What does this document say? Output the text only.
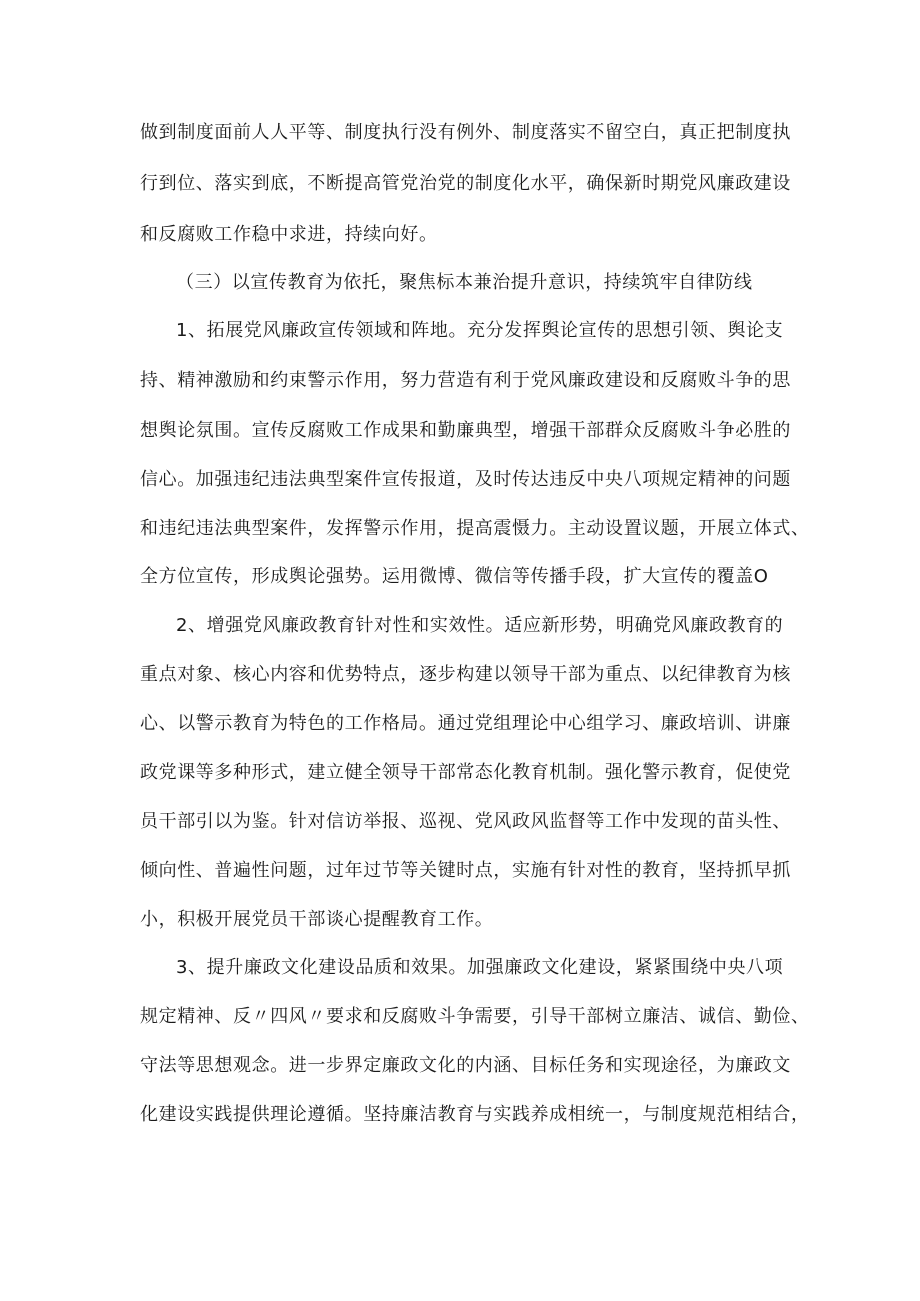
做到制度面前人人平等、制度执行没有例外、制度落实不留空白，真正把制度执
行到位、落实到底，不断提高管党治党的制度化水平，确保新时期党风廉政建设
和反腐败工作稳中求进，持续向好。
（三）以宣传教育为依托，聚焦标本兼治提升意识，持续筑牢自律防线
1、拓展党风廉政宣传领域和阵地。充分发挥舆论宣传的思想引领、舆论支
持、精神激励和约束警示作用，努力营造有利于党风廉政建设和反腐败斗争的思
想舆论氛围。宣传反腐败工作成果和勤廉典型，增强干部群众反腐败斗争必胜的
信心。加强违纪违法典型案件宣传报道，及时传达违反中央八项规定精神的问题
和违纪违法典型案件，发挥警示作用，提高震慑力。主动设置议题，开展立体式、
全方位宣传，形成舆论强势。运用微博、微信等传播手段，扩大宣传的覆盖O
2、增强党风廉政教育针对性和实效性。适应新形势，明确党风廉政教育的
重点对象、核心内容和优势特点，逐步构建以领导干部为重点、以纪律教育为核
心、以警示教育为特色的工作格局。通过党组理论中心组学习、廉政培训、讲廉
政党课等多种形式，建立健全领导干部常态化教育机制。强化警示教育，促使党
员干部引以为鉴。针对信访举报、巡视、党风政风监督等工作中发现的苗头性、
倾向性、普遍性问题，过年过节等关键时点，实施有针对性的教育，坚持抓早抓
小，积极开展党员干部谈心提醒教育工作。
3、提升廉政文化建设品质和效果。加强廉政文化建设，紧紧围绕中央八项
规定精神、反〃四风〃要求和反腐败斗争需要，引导干部树立廉洁、诚信、勤俭、
守法等思想观念。进一步界定廉政文化的内涵、目标任务和实现途径，为廉政文
化建设实践提供理论遵循。坚持廉洁教育与实践养成相统一，与制度规范相结合，
